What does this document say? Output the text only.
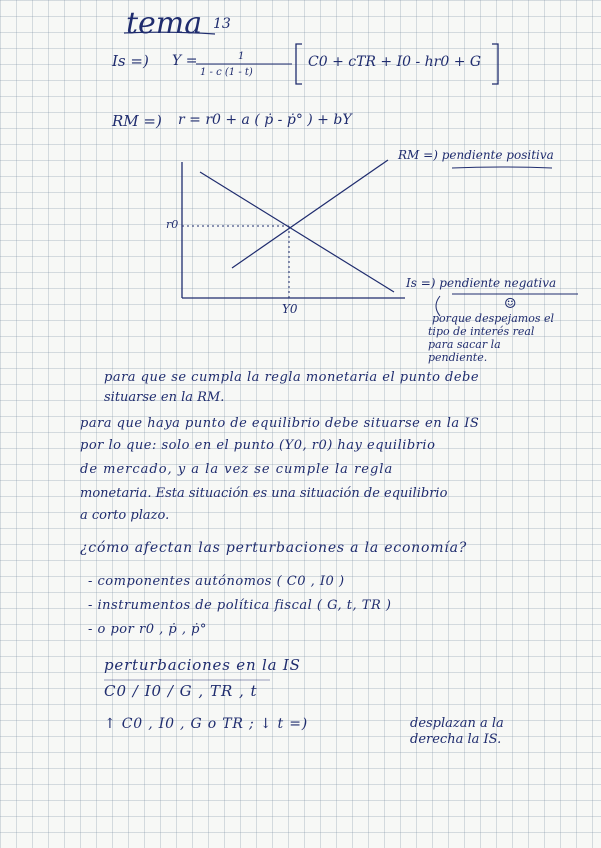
tema 13
Is =) Y =	1
1 - c (1 - t)
C0 + cTR + I0 - hr0 + G
RM =) r = r0 + a ( ṗ - ṗ° ) + bY
RM =) pendiente positiva
Is =) pendiente negativa
r0
Y0	☺
porque despejamos el
tipo de interés real
para sacar la
pendiente.
para que se cumpla la regla monetaria el punto debe
situarse en la RM.
para que haya punto de equilibrio debe situarse en la IS
por lo que: solo en el punto (Y0, r0) hay equilibrio
de mercado, y a la vez se cumple la regla
monetaria. Esta situación es una situación de equilibrio
a corto plazo.
¿cómo afectan las perturbaciones a la economía?
- componentes autónomos ( C0 , I0 )
- instrumentos de política fiscal ( G, t, TR )
- o por r0 , ṗ , ṗ°
perturbaciones en la IS
C0 / I0 / G , TR , t
↑ C0 , I0 , G o TR ; ↓ t =)	desplazan a la
derecha la IS.
